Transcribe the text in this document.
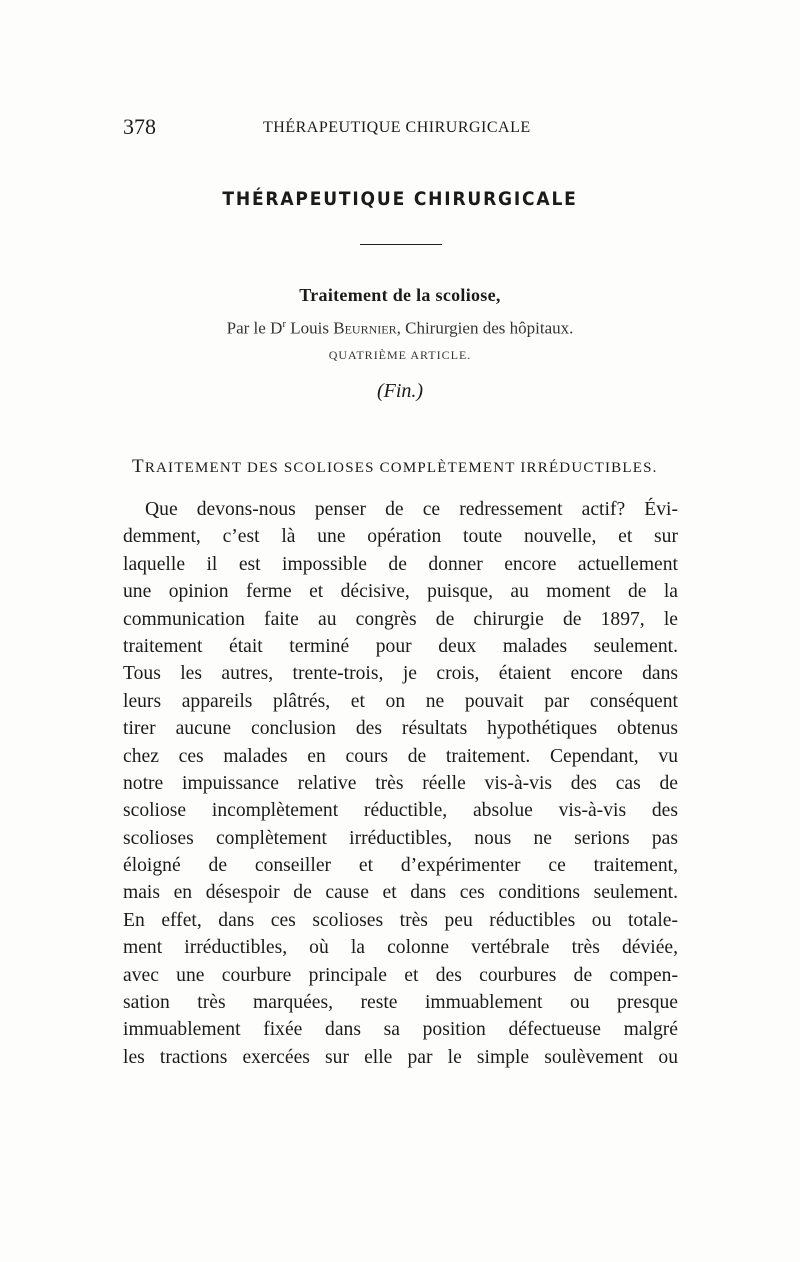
378	THÉRAPEUTIQUE CHIRURGICALE
THÉRAPEUTIQUE CHIRURGICALE
Traitement de la scoliose,
Par le $D^r$ Louis Beurnier, Chirurgien des hôpitaux.
QUATRIÈME ARTICLE.
(Fin.)
TRAITEMENT DES SCOLIOSES COMPLÈTEMENT IRRÉDUCTIBLES.
Que devons-nous penser de ce redressement actif? Évi-
demment, c’est là une opération toute nouvelle, et sur
laquelle il est impossible de donner encore actuellement
une opinion ferme et décisive, puisque, au moment de la
communication faite au congrès de chirurgie de 1897, le
traitement était terminé pour deux malades seulement.
Tous les autres, trente-trois, je crois, étaient encore dans
leurs appareils plâtrés, et on ne pouvait par conséquent
tirer aucune conclusion des résultats hypothétiques obtenus
chez ces malades en cours de traitement. Cependant, vu
notre impuissance relative très réelle vis-à-vis des cas de
scoliose incomplètement réductible, absolue vis-à-vis des
scolioses complètement irréductibles, nous ne serions pas
éloigné de conseiller et d’expérimenter ce traitement,
mais en désespoir de cause et dans ces conditions seulement.
En effet, dans ces scolioses très peu réductibles ou totale-
ment irréductibles, où la colonne vertébrale très déviée,
avec une courbure principale et des courbures de compen-
sation très marquées, reste immuablement ou presque
immuablement fixée dans sa position défectueuse malgré
les tractions exercées sur elle par le simple soulèvement ou
